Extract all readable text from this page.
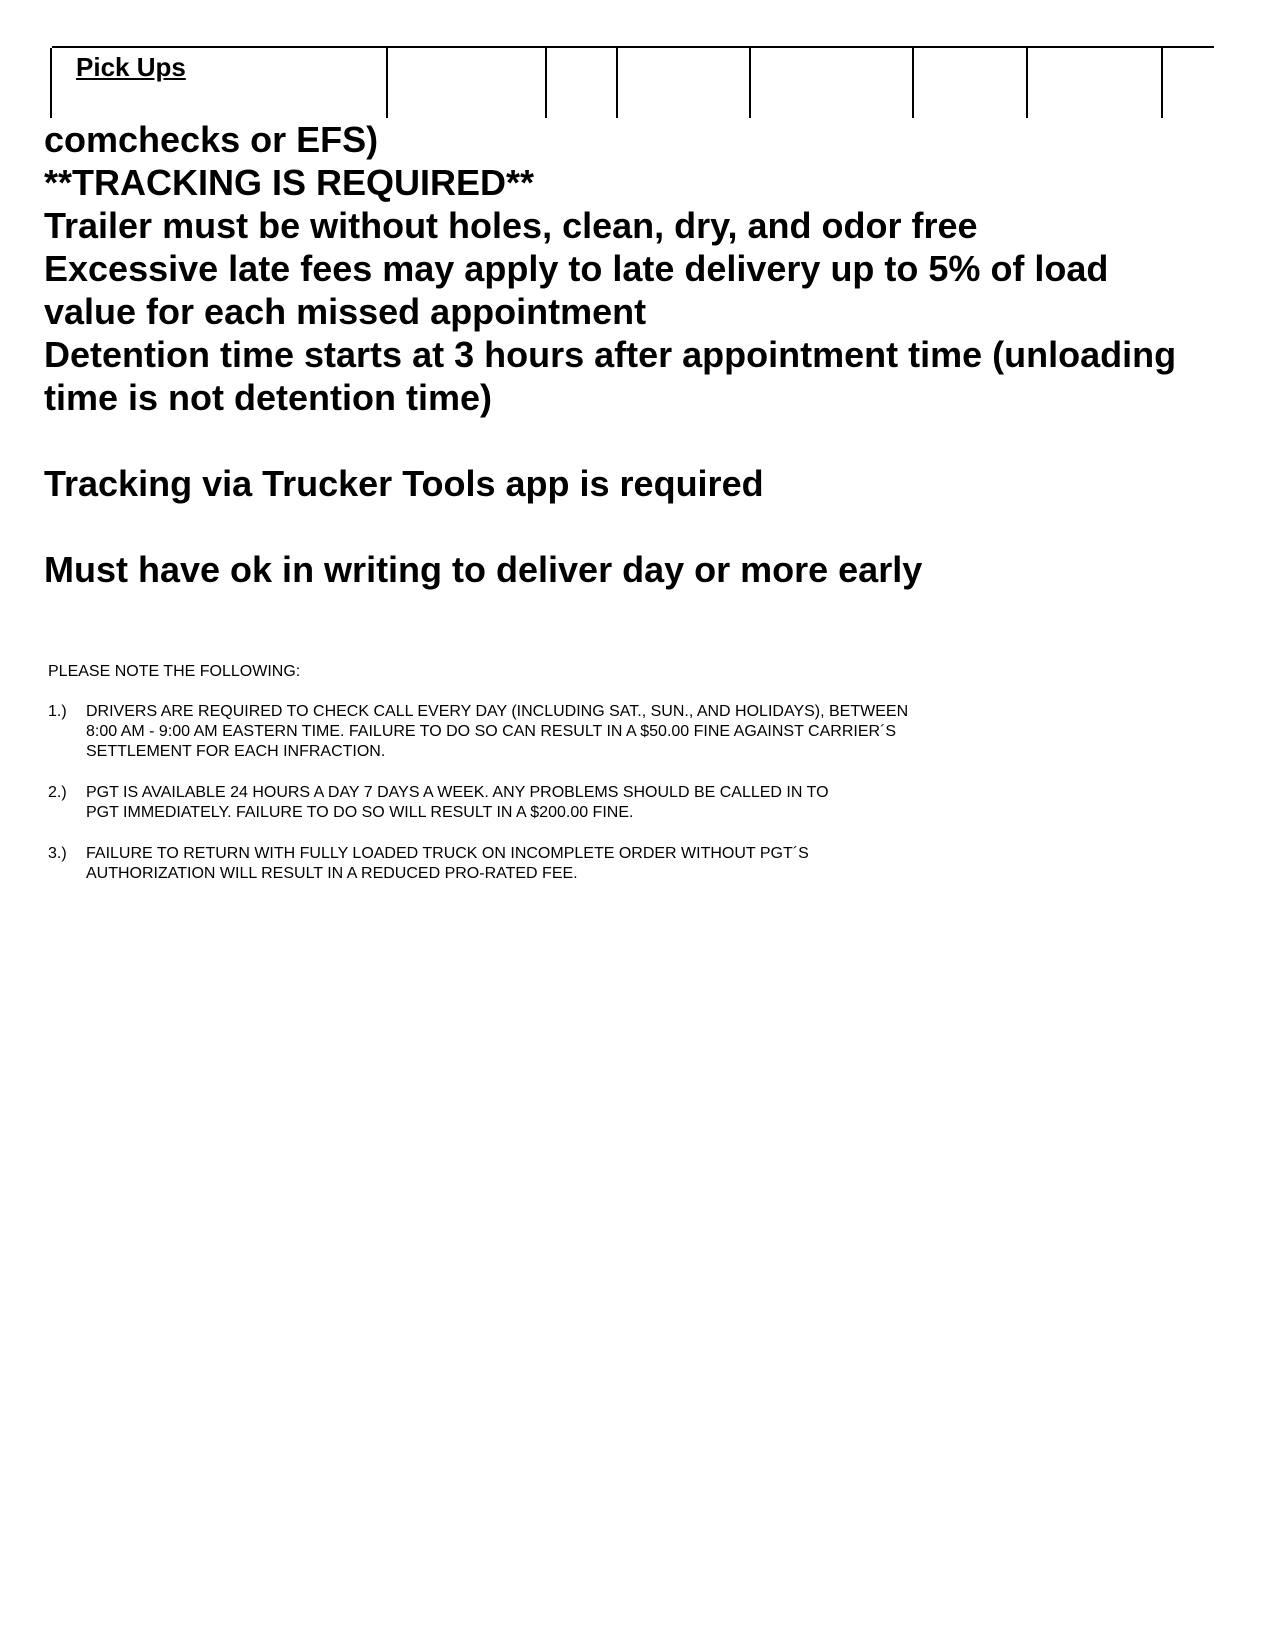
Pick Ups
comchecks or EFS)
**TRACKING IS REQUIRED**
Trailer must be without holes, clean, dry, and odor free
Excessive late fees may apply to late delivery up to 5% of load
value for each missed appointment
Detention time starts at 3 hours after appointment time (unloading
time is not detention time)
Tracking via Trucker Tools app is required
Must have ok in writing to deliver day or more early
PLEASE NOTE THE FOLLOWING:
1.)	DRIVERS ARE REQUIRED TO CHECK CALL EVERY DAY (INCLUDING SAT., SUN., AND HOLIDAYS), BETWEEN
8:00 AM - 9:00 AM EASTERN TIME. FAILURE TO DO SO CAN RESULT IN A $50.00 FINE AGAINST CARRIER´S
SETTLEMENT FOR EACH INFRACTION.
2.)	PGT IS AVAILABLE 24 HOURS A DAY 7 DAYS A WEEK. ANY PROBLEMS SHOULD BE CALLED IN TO
PGT IMMEDIATELY. FAILURE TO DO SO WILL RESULT IN A $200.00 FINE.
3.)	FAILURE TO RETURN WITH FULLY LOADED TRUCK ON INCOMPLETE ORDER WITHOUT PGT´S
AUTHORIZATION WILL RESULT IN A REDUCED PRO-RATED FEE.
